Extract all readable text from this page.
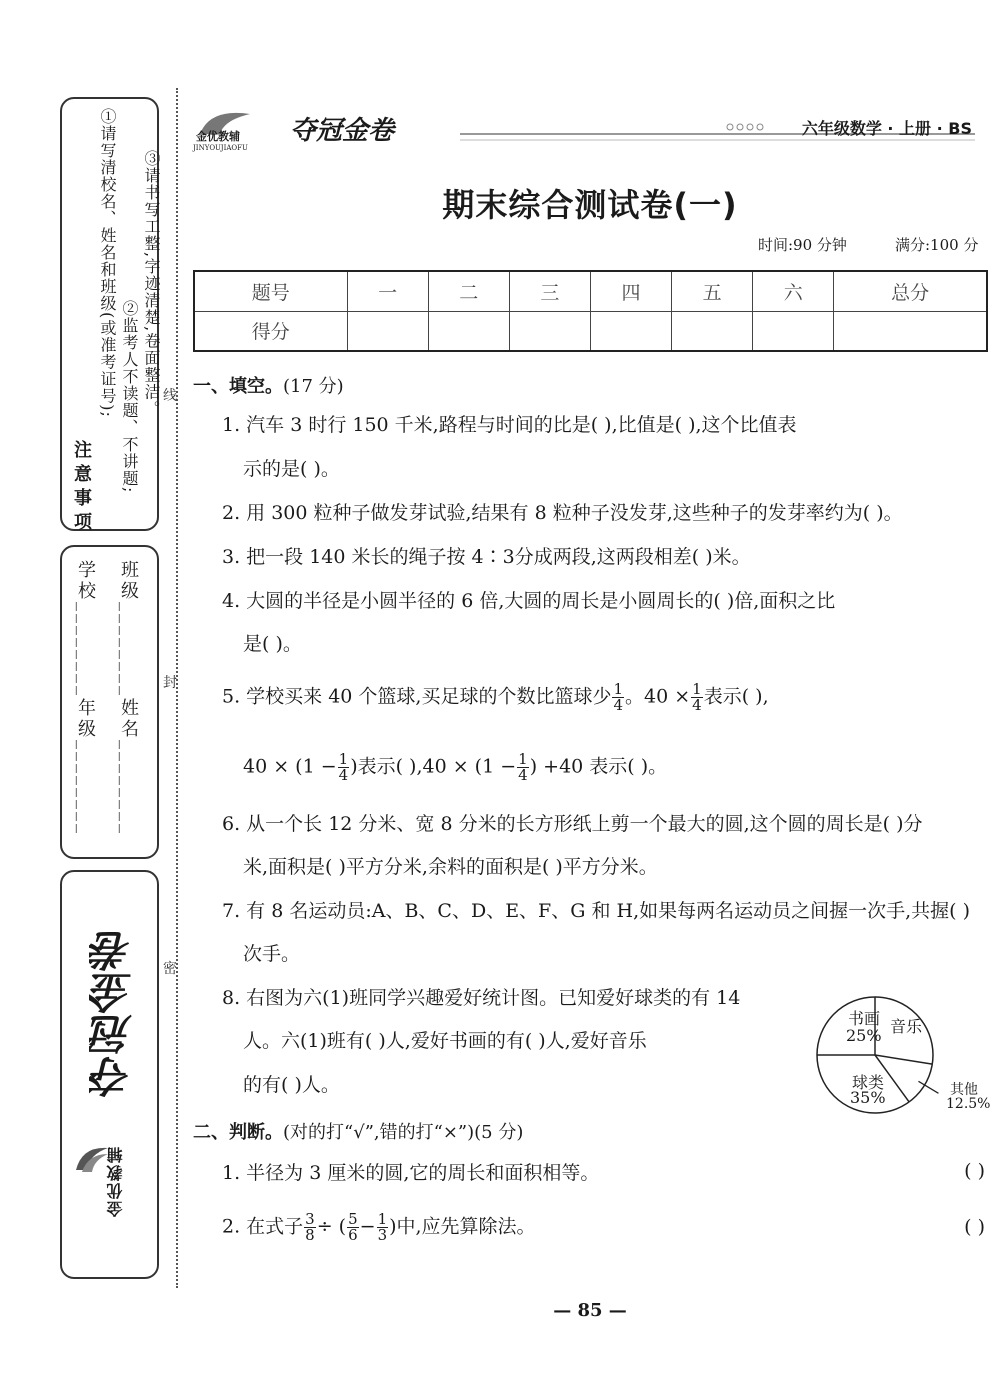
注意事项
①请写清校名、姓名和班级(或准考证号); ②监考人不读题、不讲题; ③请书写工整,字迹清楚,卷面整洁。
学校________年级________ 班级________姓名________
夺冠金卷
金优教辅
线
封
密
金优教辅
JINYOUJIAOFU
夺冠金卷	六年级数学 · 上册 · BS
期末综合测试卷(一)
时间:90 分钟	满分:100 分
题号	一	二	三	四	五	六	总分
得分							
一、填空。(17 分)
1. 汽车 3 时行 150 千米,路程与时间的比是( ),比值是( ),这个比值表
示的是( )。
2. 用 300 粒种子做发芽试验,结果有 8 粒种子没发芽,这些种子的发芽率约为( )。
3. 把一段 140 米长的绳子按 4∶3分成两段,这两段相差( )米。
4. 大圆的半径是小圆半径的 6 倍,大圆的周长是小圆周长的( )倍,面积之比
是( )。
5. 学校买来 40 个篮球,买足球的个数比篮球少 $\frac{1}{4}$ 。$40 \times \frac{1}{4}$ 表示( ),
$40 \times (1 - \frac{1}{4}$ )表示( )$,40 \times (1 - \frac{1}{4}$ ) +40 表示( )。
6. 从一个长 12 分米、宽 8 分米的长方形纸上剪一个最大的圆,这个圆的周长是( )分
米,面积是( )平方分米,余料的面积是( )平方分米。
7. 有 8 名运动员:A、B、C、D、E、F、G 和 H,如果每两名运动员之间握一次手,共握( )
次手。
8. 右图为六(1)班同学兴趣爱好统计图。已知爱好球类的有 14
人。六(1)班有( )人,爱好书画的有( )人,爱好音乐
的有( )人。
书画
25% 音乐
球类
35%	其他
12.5%
二、判断。(对的打“√”,错的打“×”)(5 分)
1. 半径为 3 厘米的圆,它的周长和面积相等。	( )
2. 在式子 $\frac{3}{8}$ ÷ ( $\frac{5}{6} - \frac{1}{3}$ )中,应先算除法。	( )
— 85 —
